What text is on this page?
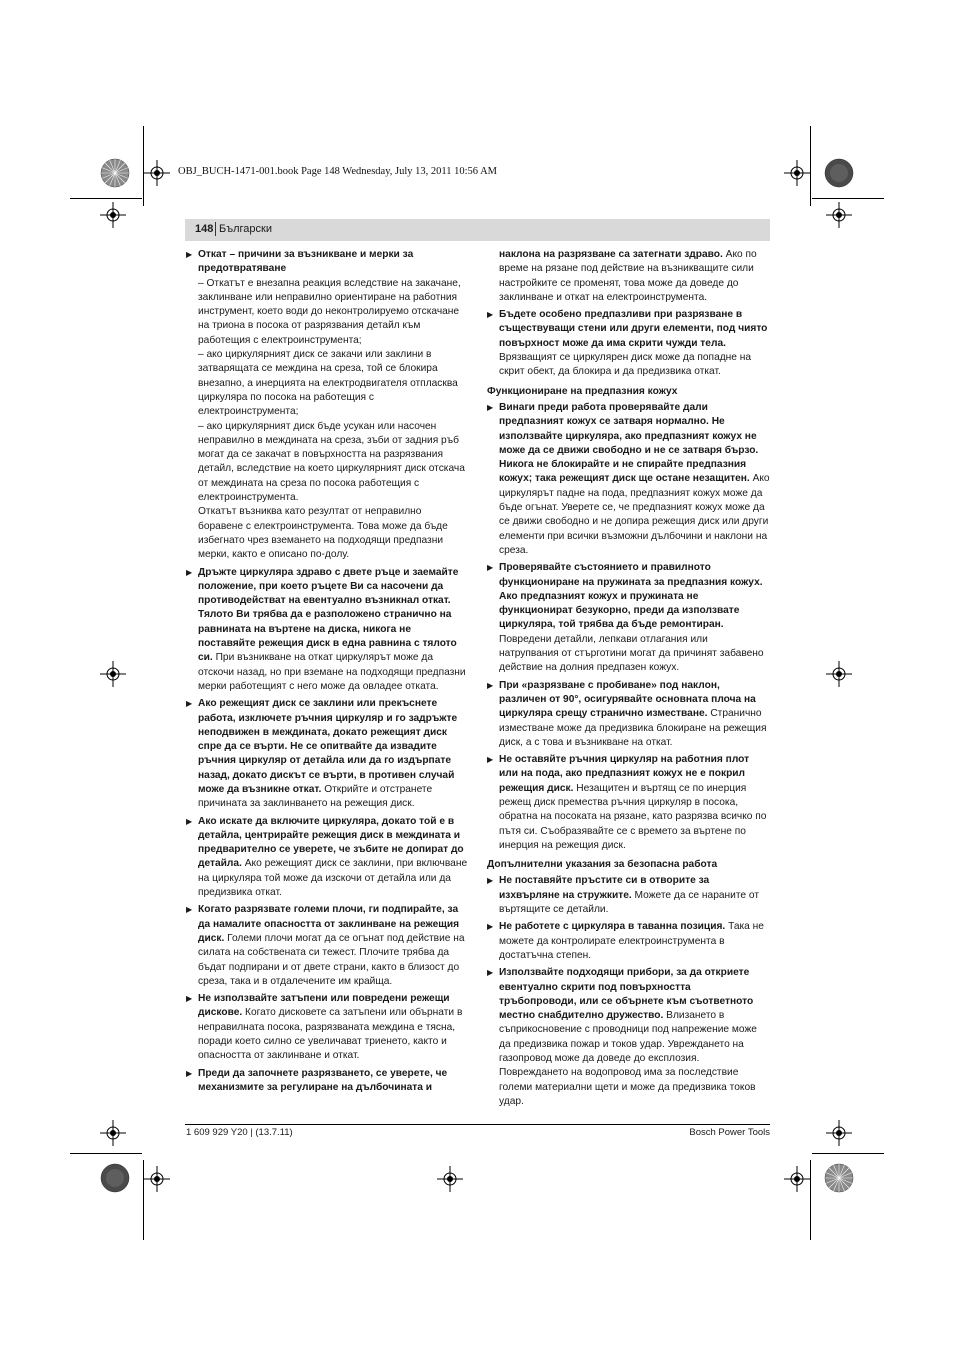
OBJ_BUCH-1471-001.book Page 148 Wednesday, July 13, 2011 10:56 AM
148 Български
▶ Откат – причини за възникване и мерки за предотвратяване
– Откатът е внезапна реакция вследствие на закачане, заклинване или неправилно ориентиране на работния инструмент, което води до неконтролируемо отскачане на триона в посока от разрязвания детайл към работещия с електроинструмента;
– ако циркулярният диск се закачи или заклини в затварящата се междина на среза, той се блокира внезапно, а инерцията на електродвигателя отпласква циркуляра по посока на работещия с електроинструмента;
– ако циркулярният диск бъде усукан или насочен неправилно в междината на среза, зъби от задния ръб могат да се закачат в повърхността на разрязвания детайл, вследствие на което циркулярният диск отскача от междината на среза по посока работещия с електроинструмента.
Откатът възниква като резултат от неправилно боравене с електроинструмента. Това може да бъде избегнато чрез вземането на подходящи предпазни мерки, както е описано по-долу.

▶ Дръжте циркуляра здраво с двете ръце и заемайте положение, при което ръцете Ви са насочени да противодействат на евентуално възникнал откат. Тялото Ви трябва да е разположено странично на равнината на въртене на диска, никога не поставяйте режещия диск в една равнина с тялото си. При възникване на откат циркулярът може да отскочи назад, но при вземане на подходящи предпазни мерки работещият с него може да овладее отката.

▶ Ако режещият диск се заклини или прекъснете работа, изключете ръчния циркуляр и го задръжте неподвижен в междината, докато режещият диск спре да се върти. Не се опитвайте да извадите ръчния циркуляр от детайла или да го издърпате назад, докато дискът се върти, в противен случай може да възникне откат. Открийте и отстранете причината за заклинването на режещия диск.

▶ Ако искате да включите циркуляра, докато той е в детайла, центрирайте режещия диск в междината и предварително се уверете, че зъбите не допират до детайла. Ако режещият диск се заклини, при включване на циркуляра той може да изскочи от детайла или да предизвика откат.

▶ Когато разрязвате големи плочи, ги подпирайте, за да намалите опасността от заклинване на режещия диск. Големи плочи могат да се огънат под действие на силата на собствената си тежест. Плочите трябва да бъдат подпирани и от двете страни, както в близост до среза, така и в отдалечените им крайща.

▶ Не използвайте затъпени или повредени режещи дискове. Когато дисковете са затъпени или обърнати в неправилната посока, разрязваната междина е тясна, поради което силно се увеличават триенето, както и опасността от заклинване и откат.

▶ Преди да започнете разрязването, се уверете, че механизмите за регулиране на дълбочината и

наклона на разрязване са затегнати здраво. Ако по време на рязане под действие на възникващите сили настройките се променят, това може да доведе до заклинване и откат на електроинструмента.
▶ Бъдете особено предпазливи при разрязване в съществуващи стени или други елементи, под чиято повърхност може да има скрити чужди тела. Врязващият се циркулярен диск може да попадне на скрит обект, да блокира и да предизвика откат.

Функциониране на предпазния кожух
▶ Винаги преди работа проверявайте дали предпазният кожух се затваря нормално. Не използвайте циркуляра, ако предпазният кожух не може да се движи свободно и не се затваря бързо. Никога не блокирайте и не спирайте предпазния кожух; така режещият диск ще остане незащитен. Ако циркулярът падне на пода, предпазният кожух може да бъде огънат. Уверете се, че предпазният кожух може да се движи свободно и не допира режещия диск или други елементи при всички възможни дълбочини и наклони на среза.

▶ Проверявайте състоянието и правилното функциониране на пружината за предпазния кожух. Ако предпазният кожух и пружината не функционират безукорно, преди да използвате циркуляра, той трябва да бъде ремонтиран. Повредени детайли, лепкави отлагания или натрупвания от стърготини могат да причинят забавено действие на долния предпазен кожух.

▶ При «разрязване с пробиване» под наклон, различен от 90°, осигурявайте основната плоча на циркуляра срещу странично изместване. Странично изместване може да предизвика блокиране на режещия диск, а с това и възникване на откат.

▶ Не оставяйте ръчния циркуляр на работния плот или на пода, ако предпазният кожух не е покрил режещия диск. Незащитен и въртящ се по инерция режещ диск премества ръчния циркуляр в посока, обратна на посоката на рязане, като разрязва всичко по пътя си. Съобразявайте се с времето за въртене по инерция на режещия диск.

Допълнителни указания за безопасна работа
▶ Не поставяйте пръстите си в отворите за изхвърляне на стружките. Можете да се нараните от въртящите се детайли.

▶ Не работете с циркуляра в таванна позиция. Така не можете да контролирате електроинструмента в достатъчна степен.

▶ Използвайте подходящи прибори, за да откриете евентуално скрити под повърхността тръбопроводи, или се обърнете към съответното местно снабдително дружество. Влизането в съприкосновение с проводници под напрежение може да предизвика пожар и токов удар. Увреждането на газопровод може да доведе до експлозия. Повреждането на водопровод има за последствие големи материални щети и може да предизвика токов удар.

1 609 929 Y20 | (13.7.11)	Bosch Power Tools
